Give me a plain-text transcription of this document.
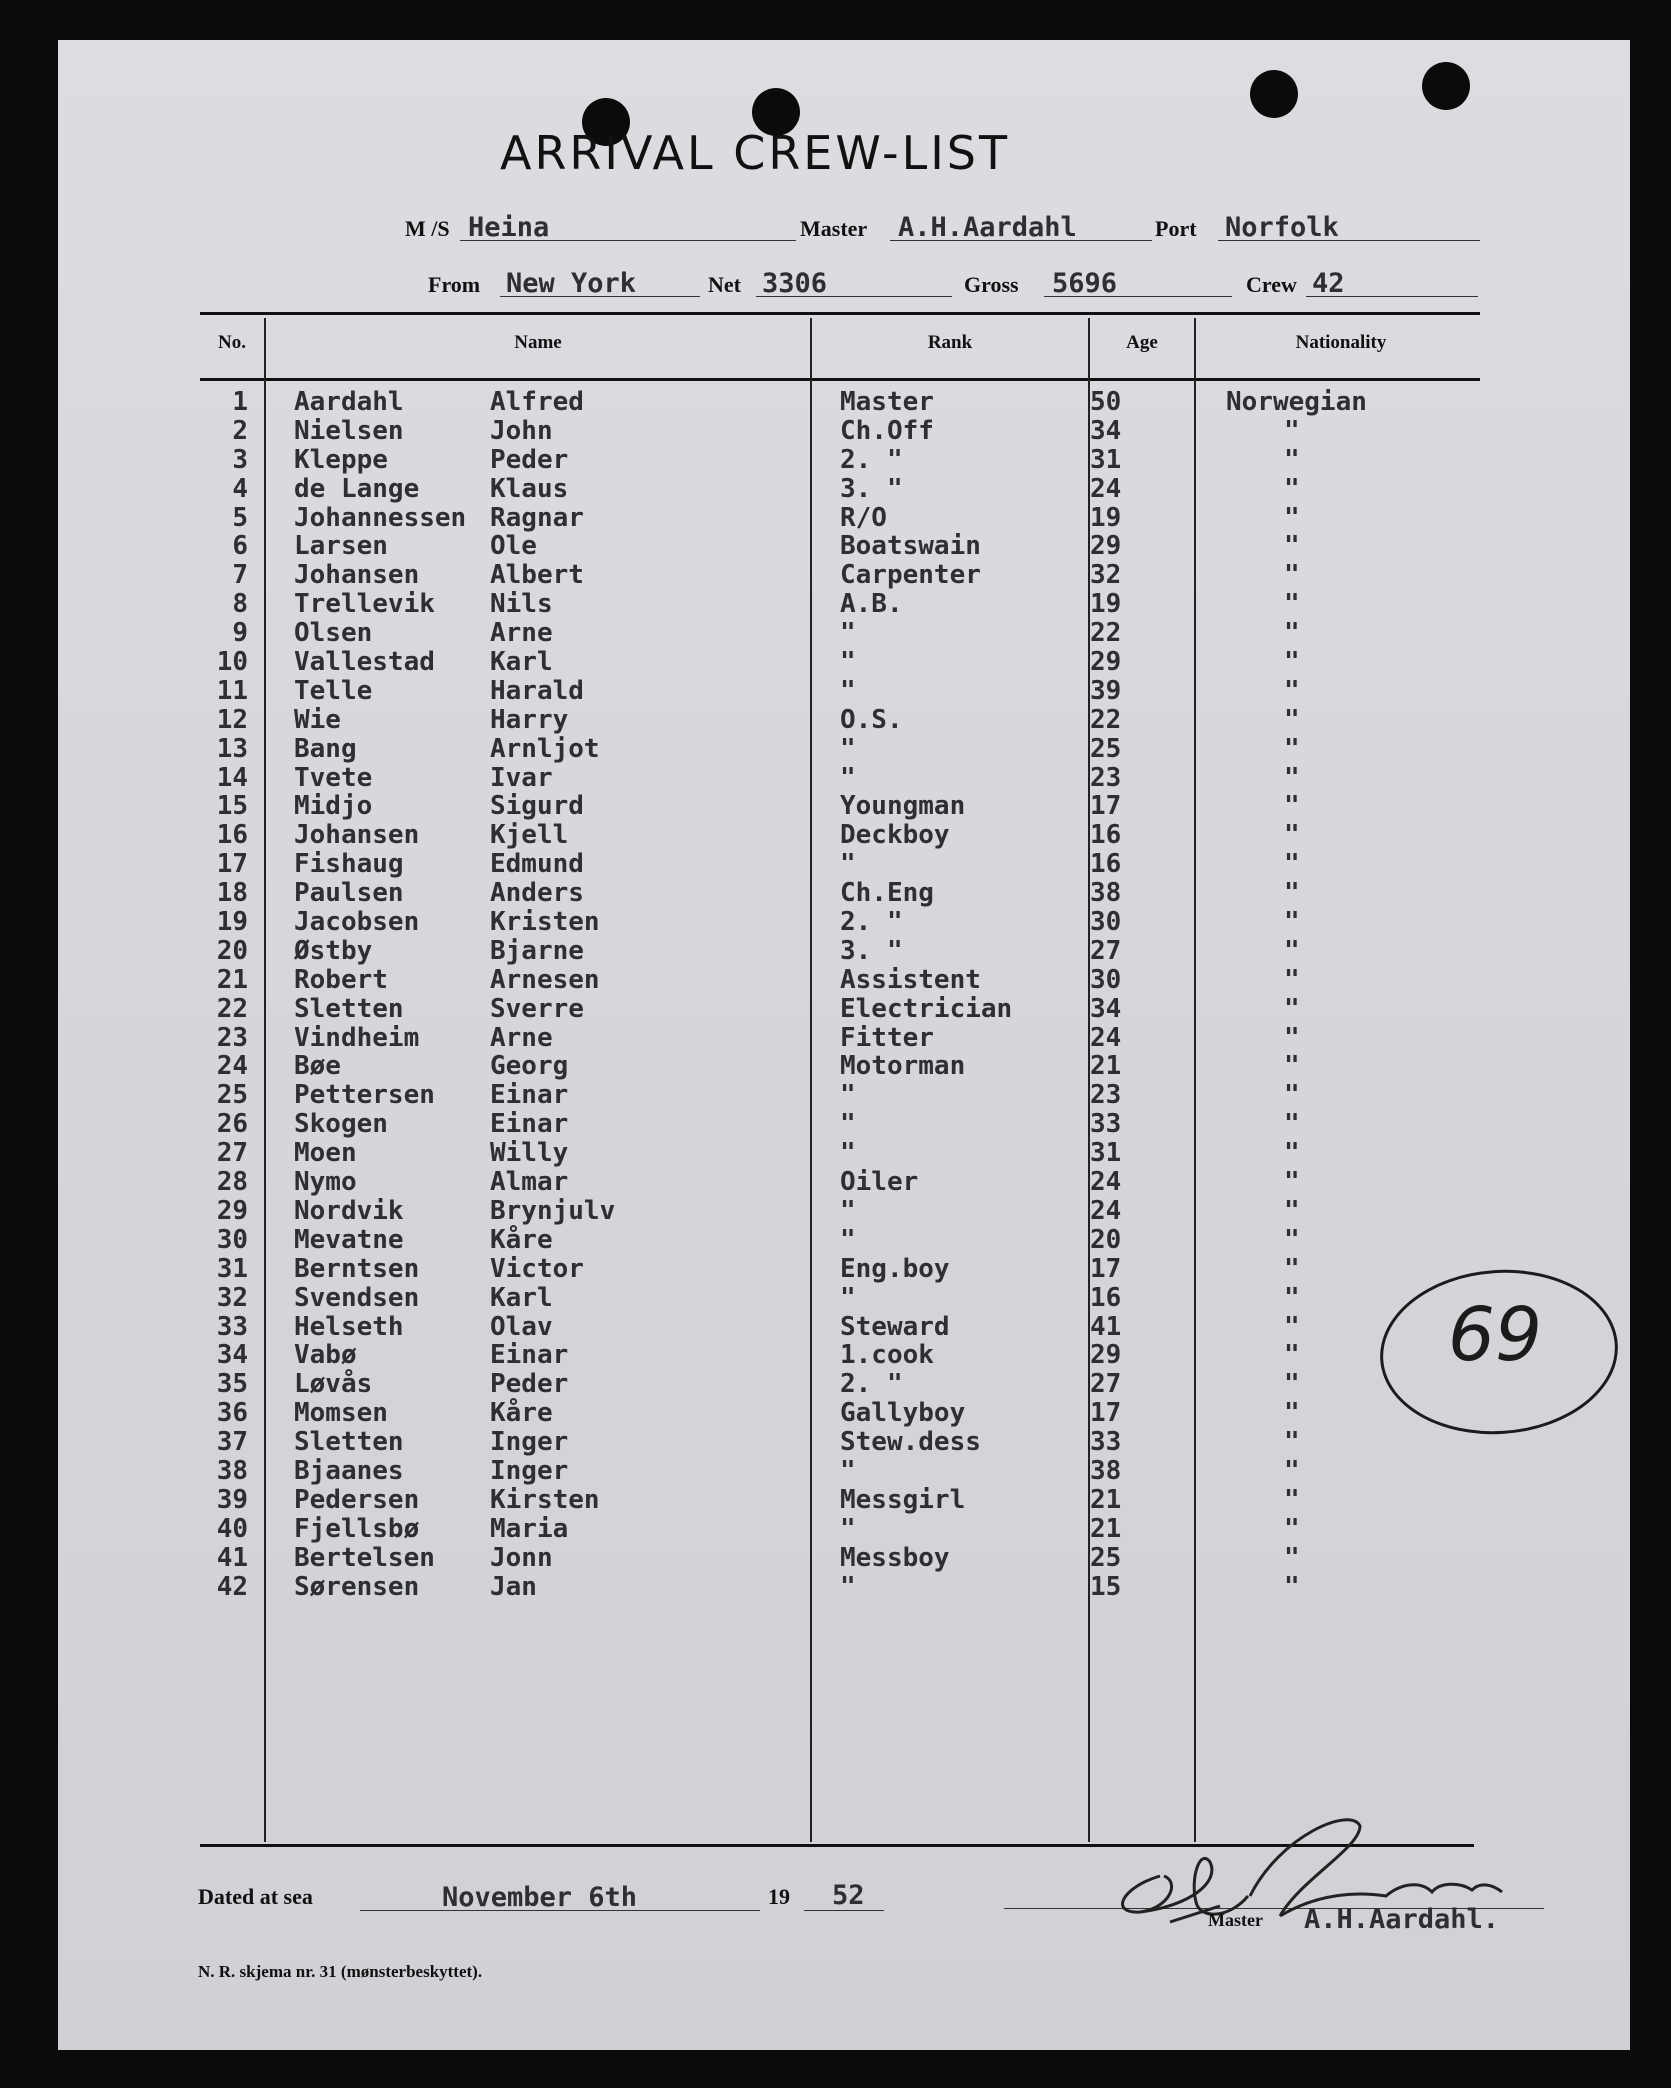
ARRIVAL CREW-LIST
M /S Heina	Master A.H.Aardahl	Port Norfolk
From New York	Net 3306	Gross 5696	Crew 42
No.	Name	Rank	Age	Nationality
1 Aardahl	Alfred	Master	50	Norwegian
2 Nielsen	John	Ch.Off	34	"
3 Kleppe	Peder	2. "	31	"
4 de Lange	Klaus	3. "	24	"
5 Johannessen Ragnar	R/O	19	"
6 Larsen	Ole	Boatswain	29	"
7 Johansen	Albert	Carpenter	32	"
8 Trellevik Nils	A.B.	19	"
9 Olsen	Arne	"	22	"
10 Vallestad Karl	"	29	"
11 Telle	Harald	"	39	"
12 Wie	Harry	O.S.	22	"
13 Bang	Arnljot	"	25	"
14 Tvete	Ivar	"	23	"
15 Midjo	Sigurd	Youngman	17	"
16 Johansen	Kjell	Deckboy	16	"
17 Fishaug	Edmund	"	16	"
18 Paulsen	Anders	Ch.Eng	38	"
19 Jacobsen	Kristen	2. "	30	"
20 Østby	Bjarne	3. "	27	"
21 Robert	Arnesen	Assistent	30	"
22 Sletten	Sverre	Electrician	34	"
23 Vindheim	Arne	Fitter	24	"
24 Bøe	Georg	Motorman	21	"
25 Pettersen Einar	"	23	"
26 Skogen	Einar	"	33	"
27 Moen	Willy	"	31	"
28 Nymo	Almar	Oiler	24	"
29 Nordvik	Brynjulv	"	24	"
30 Mevatne	Kåre	"	20	"
31 Berntsen	Victor	Eng.boy	17	"
32 Svendsen	Karl	"	16	"
33 Helseth	Olav	Steward	41	"
34 Vabø	Einar	1.cook	29	"
35 Løvås	Peder	2. "	27	"
36 Momsen	Kåre	Gallyboy	17	"
37 Sletten	Inger	Stew.dess	33	"
38 Bjaanes	Inger	"	38	"
39 Pedersen	Kirsten	Messgirl	21	"
40 Fjellsbø	Maria	"	21	"
41 Bertelsen Jonn	Messboy	25	"
42 Sørensen	Jan	"	15	"
69
Dated at sea	November 6th	19 52
Master A.H.Aardahl.
N. R. skjema nr. 31 (mønsterbeskyttet).
